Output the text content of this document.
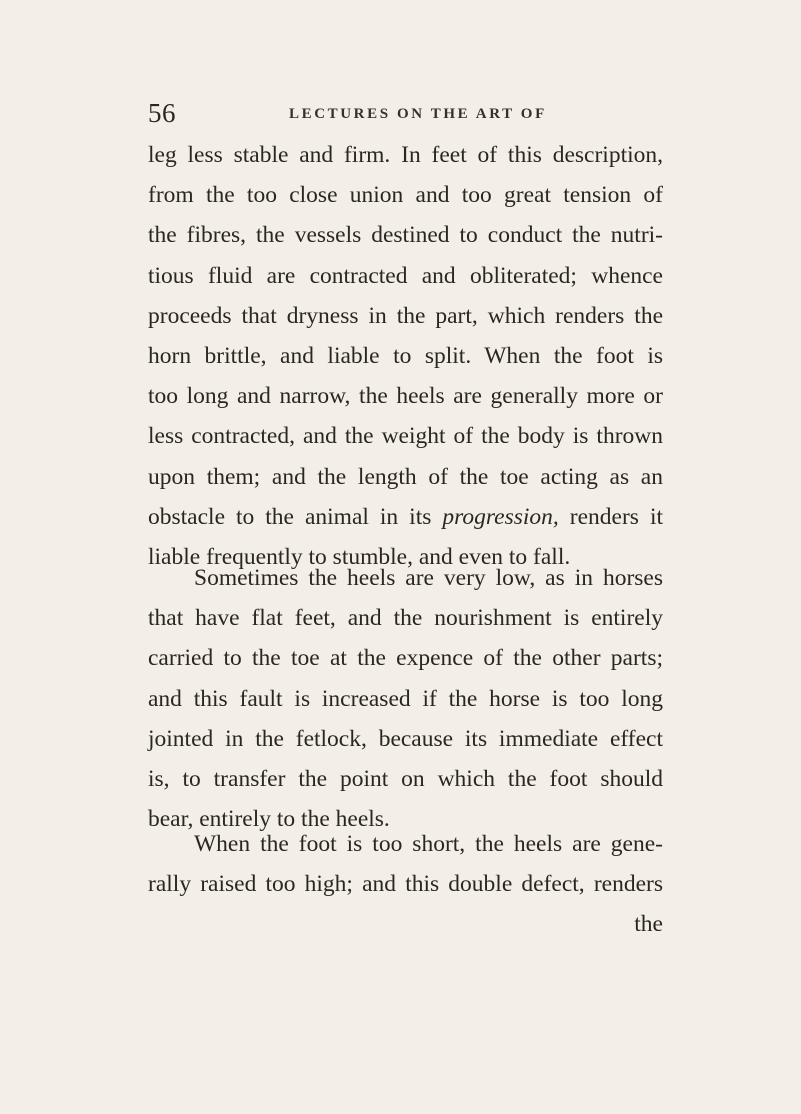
56	LECTURES ON THE ART OF

leg less stable and firm. In feet of this description,
from the too close union and too great tension of
the fibres, the vessels destined to conduct the nutri-
tious fluid are contracted and obliterated; whence
proceeds that dryness in the part, which renders the
horn brittle, and liable to split. When the foot is
too long and narrow, the heels are generally more or
less contracted, and the weight of the body is thrown
upon them; and the length of the toe acting as an
obstacle to the animal in its progression, renders it
liable frequently to stumble, and even to fall.

Sometimes the heels are very low, as in horses
that have flat feet, and the nourishment is entirely
carried to the toe at the expence of the other parts;
and this fault is increased if the horse is too long
jointed in the fetlock, because its immediate effect
is, to transfer the point on which the foot should
bear, entirely to the heels.

When the foot is too short, the heels are gene-
rally raised too high; and this double defect, renders
the
